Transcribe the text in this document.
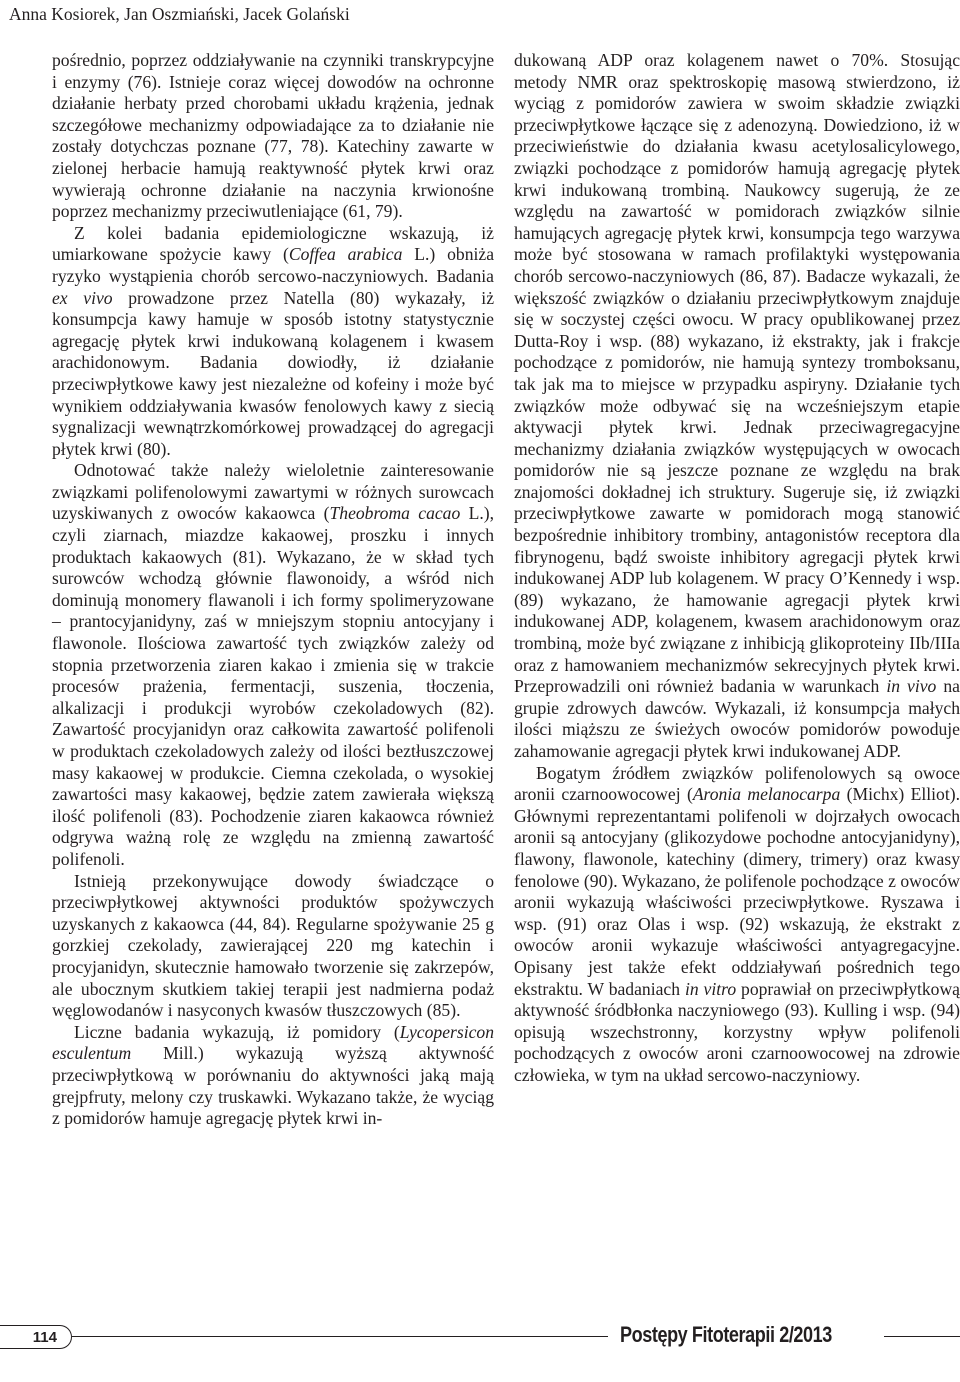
Anna Kosiorek, Jan Oszmiański, Jacek Golański

pośrednio, poprzez oddziaływanie na czynniki transkrypcyjne i enzymy (76). Istnieje coraz więcej dowodów na ochronne działanie herbaty przed chorobami układu krążenia, jednak szczegółowe mechanizmy odpowiadające za to działanie nie zostały dotychczas poznane (77, 78). Katechiny zawarte w zielonej herbacie hamują reaktywność płytek krwi oraz wywierają ochronne działanie na naczynia krwionośne poprzez mechanizmy przeciwutleniające (61, 79).

Z kolei badania epidemiologiczne wskazują, iż umiarkowane spożycie kawy (Coffea arabica L.) obniża ryzyko wystąpienia chorób sercowo-naczyniowych. Badania ex vivo prowadzone przez Natella (80) wykazały, iż konsumpcja kawy hamuje w sposób istotny statystycznie agregację płytek krwi indukowaną kolagenem i kwasem arachidonowym. Badania dowiodły, iż działanie przeciwpłytkowe kawy jest niezależne od kofeiny i może być wynikiem oddziaływania kwasów fenolowych kawy z siecią sygnalizacji wewnątrzkomórkowej prowadzącej do agregacji płytek krwi (80).

Odnotować także należy wieloletnie zainteresowanie związkami polifenolowymi zawartymi w różnych surowcach uzyskiwanych z owoców kakaowca (Theobroma cacao L.), czyli ziarnach, miazdze kakaowej, proszku i innych produktach kakaowych (81). Wykazano, że w skład tych surowców wchodzą głównie flawonoidy, a wśród nich dominują monomery flawanoli i ich formy spolimeryzowane – prantocyjanidyny, zaś w mniejszym stopniu antocyjany i flawonole. Ilościowa zawartość tych związków zależy od stopnia przetworzenia ziaren kakao i zmienia się w trakcie procesów prażenia, fermentacji, suszenia, tłoczenia, alkalizacji i produkcji wyrobów czekoladowych (82). Zawartość procyjanidyn oraz całkowita zawartość polifenoli w produktach czekoladowych zależy od ilości beztłuszczowej masy kakaowej w produkcie. Ciemna czekolada, o wysokiej zawartości masy kakaowej, będzie zatem zawierała większą ilość polifenoli (83). Pochodzenie ziaren kakaowca również odgrywa ważną rolę ze względu na zmienną zawartość polifenoli.

Istnieją przekonywujące dowody świadczące o przeciwpłytkowej aktywności produktów spożywczych uzyskanych z kakaowca (44, 84). Regularne spożywanie 25 g gorzkiej czekolady, zawierającej 220 mg katechin i procyjanidyn, skutecznie hamowało tworzenie się zakrzepów, ale ubocznym skutkiem takiej terapii jest nadmierna podaż węglowodanów i nasyconych kwasów tłuszczowych (85).

Liczne badania wykazują, iż pomidory (Lycopersicon esculentum Mill.) wykazują wyższą aktywność przeciwpłytkową w porównaniu do aktywności jaką mają grejpfruty, melony czy truskawki. Wykazano także, że wyciąg z pomidorów hamuje agregację płytek krwi in-

dukowaną ADP oraz kolagenem nawet o 70%. Stosując metody NMR oraz spektroskopię masową stwierdzono, iż wyciąg z pomidorów zawiera w swoim składzie związki przeciwpłytkowe łączące się z adenozyną. Dowiedziono, iż w przeciwieństwie do działania kwasu acetylosalicylowego, związki pochodzące z pomidorów hamują agregację płytek krwi indukowaną trombiną. Naukowcy sugerują, że ze względu na zawartość w pomidorach związków silnie hamujących agregację płytek krwi, konsumpcja tego warzywa może być stosowana w ramach profilaktyki występowania chorób sercowo-naczyniowych (86, 87). Badacze wykazali, że większość związków o działaniu przeciwpłytkowym znajduje się w soczystej części owocu. W pracy opublikowanej przez Dutta-Roy i wsp. (88) wykazano, iż ekstrakty, jak i frakcje pochodzące z pomidorów, nie hamują syntezy tromboksanu, tak jak ma to miejsce w przypadku aspiryny. Działanie tych związków może odbywać się na wcześniejszym etapie aktywacji płytek krwi. Jednak przeciwagregacyjne mechanizmy działania związków występujących w owocach pomidorów nie są jeszcze poznane ze względu na brak znajomości dokładnej ich struktury. Sugeruje się, iż związki przeciwpłytkowe zawarte w pomidorach mogą stanowić bezpośrednie inhibitory trombiny, antagonistów receptora dla fibrynogenu, bądź swoiste inhibitory agregacji płytek krwi indukowanej ADP lub kolagenem. W pracy O’Kennedy i wsp. (89) wykazano, że hamowanie agregacji płytek krwi indukowanej ADP, kolagenem, kwasem arachidonowym oraz trombiną, może być związane z inhibicją glikoproteiny IIb/IIIa oraz z hamowaniem mechanizmów sekrecyjnych płytek krwi. Przeprowadzili oni również badania w warunkach in vivo na grupie zdrowych dawców. Wykazali, iż konsumpcja małych ilości miąższu ze świeżych owoców pomidorów powoduje zahamowanie agregacji płytek krwi indukowanej ADP.

Bogatym źródłem związków polifenolowych są owoce aronii czarnoowocowej (Aronia melanocarpa (Michx) Elliot). Głównymi reprezentantami polifenoli w dojrzałych owocach aronii są antocyjany (glikozydowe pochodne antocyjanidyny), flawony, flawonole, katechiny (dimery, trimery) oraz kwasy fenolowe (90). Wykazano, że polifenole pochodzące z owoców aronii wykazują właściwości przeciwpłytkowe. Ryszawa i wsp. (91) oraz Olas i wsp. (92) wskazują, że ekstrakt z owoców aronii wykazuje właściwości antyagregacyjne. Opisany jest także efekt oddziaływań pośrednich tego ekstraktu. W badaniach in vitro poprawiał on przeciwpłytkową aktywność śródbłonka naczyniowego (93). Kulling i wsp. (94) opisują wszechstronny, korzystny wpływ polifenoli pochodzących z owoców aroni czarnoowocowej na zdrowie człowieka, w tym na układ sercowo-naczyniowy.

114	Postępy Fitoterapii 2/2013
